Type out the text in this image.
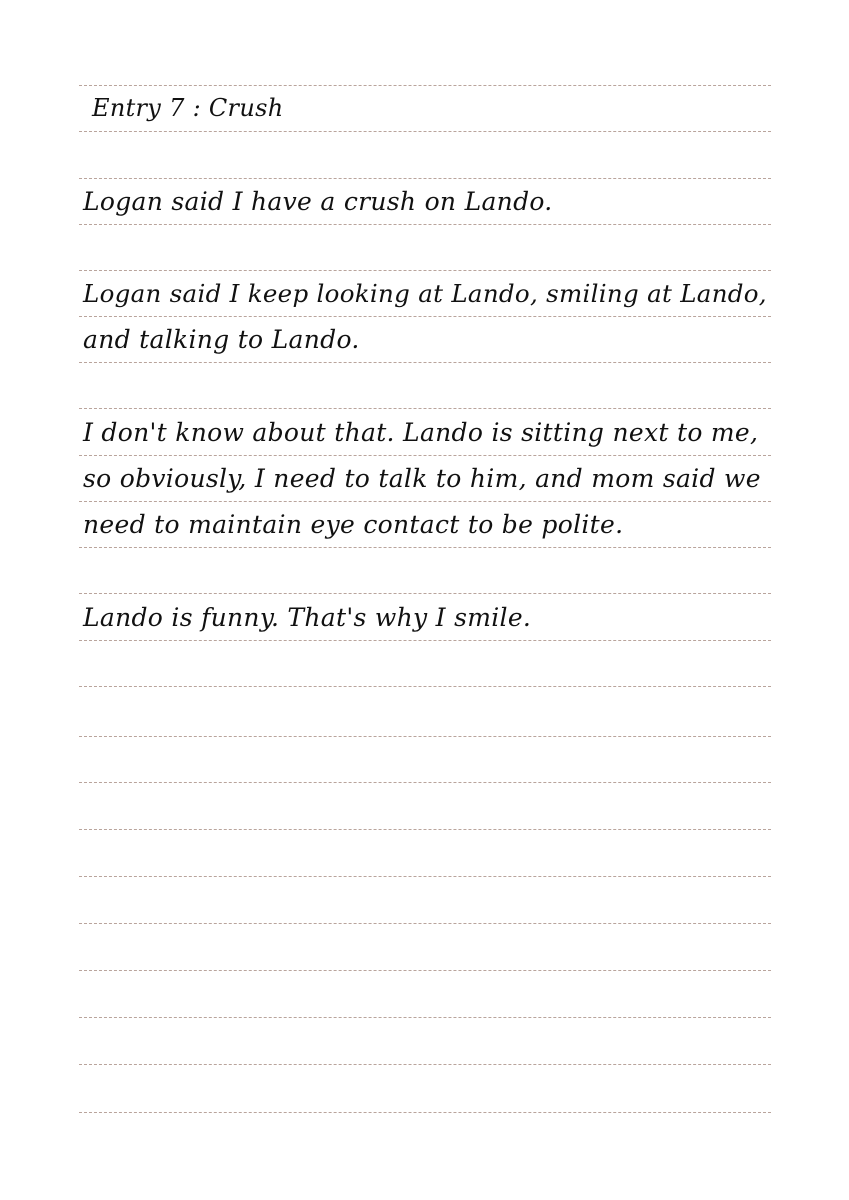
Entry 7 : Crush
Logan said I have a crush on Lando.
Logan said I keep looking at Lando, smiling at Lando,
and talking to Lando.
I don't know about that. Lando is sitting next to me,
so obviously, I need to talk to him, and mom said we
need to maintain eye contact to be polite.
Lando is funny. That's why I smile.
